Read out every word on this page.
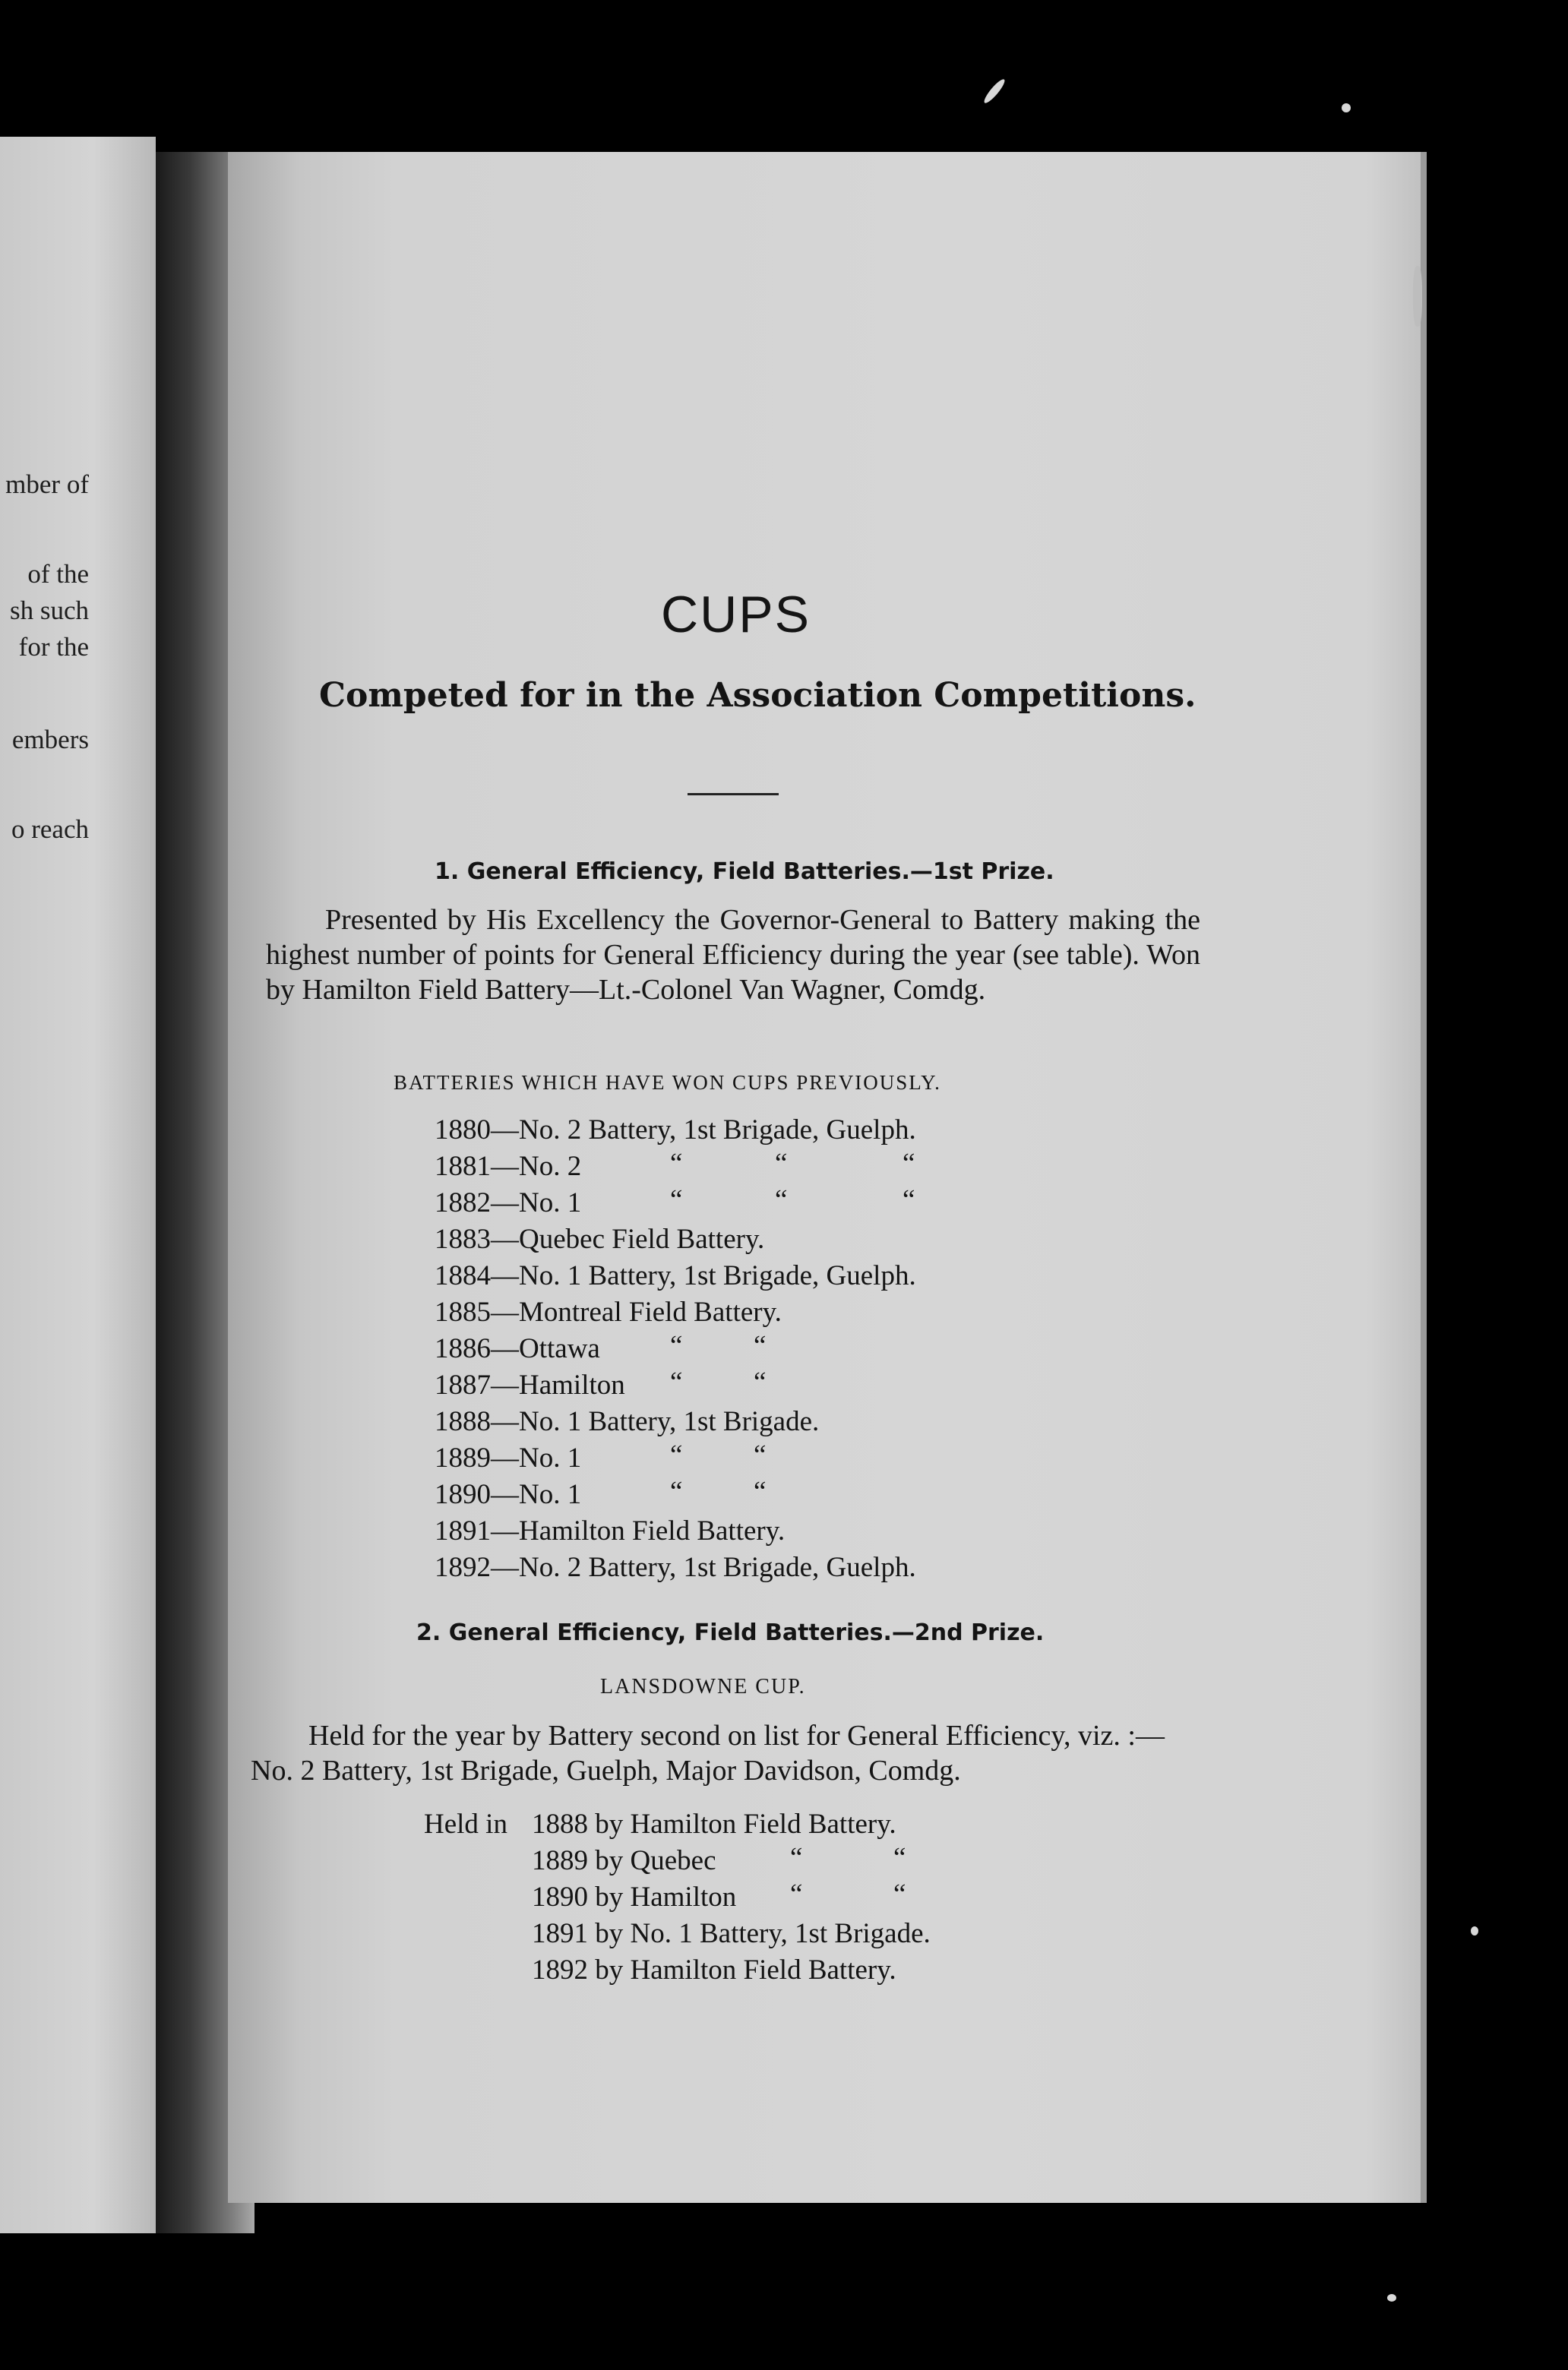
mber of
of the
sh such
for the
embers
o reach
CUPS
Competed for in the Association Competitions.
1. General Efficiency, Field Batteries.—1st Prize.
Presented by His Excellency the Governor-General to Battery making the highest number of points for General Efficiency during the year (see table). Won by Hamilton Field Battery—Lt.-Colonel Van Wagner, Comdg.
BATTERIES WHICH HAVE WON CUPS PREVIOUSLY.
1880—No. 2 Battery, 1st Brigade, Guelph.
1881—No. 2	“	“	“
1882—No. 1	“	“	“
1883—Quebec Field Battery.
1884—No. 1 Battery, 1st Brigade, Guelph.
1885—Montreal Field Battery.
1886—Ottawa “	“
1887—Hamilton “	“
1888—No. 1 Battery, 1st Brigade.
1889—No. 1	“	“
1890—No. 1	“	“
1891—Hamilton Field Battery.
1892—No. 2 Battery, 1st Brigade, Guelph.
2. General Efficiency, Field Batteries.—2nd Prize.
LANSDOWNE CUP.
Held for the year by Battery second on list for General Efficiency, viz. :—No. 2 Battery, 1st Brigade, Guelph, Major Davidson, Comdg.
Held in 1888 by Hamilton Field Battery.
1889 by Quebec	“	“
1890 by Hamilton “	“
1891 by No. 1 Battery, 1st Brigade.
1892 by Hamilton Field Battery.
